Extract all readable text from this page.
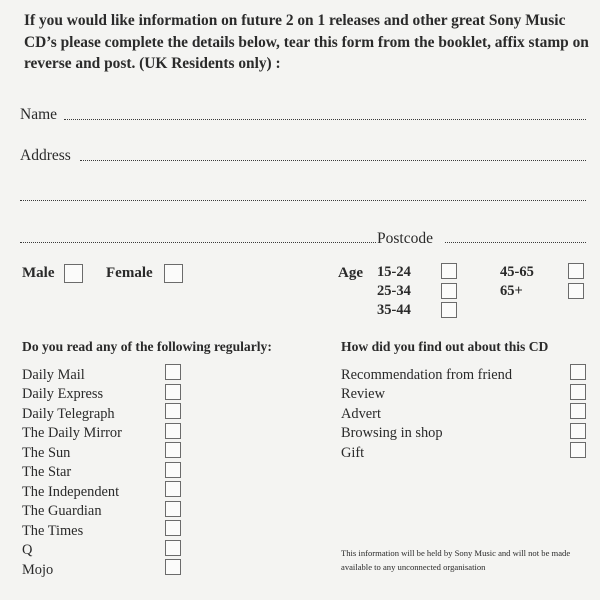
If you would like information on future 2 on 1 releases and other great Sony Music CD’s please complete the details below, tear this form from the booklet, affix stamp on reverse and post. (UK Residents only) :
Name
Address
Postcode
Male	Female	Age 15-24
25-34
35-44
45-65
65+
Do you read any of the following regularly:
Daily Mail
Daily Express
Daily Telegraph
The Daily Mirror
The Sun
The Star
The Independent
The Guardian
The Times
Q
Mojo
How did you find out about this CD
Recommendation from friend
Review
Advert
Browsing in shop
Gift
This information will be held by Sony Music and will not be made available to any unconnected organisation
